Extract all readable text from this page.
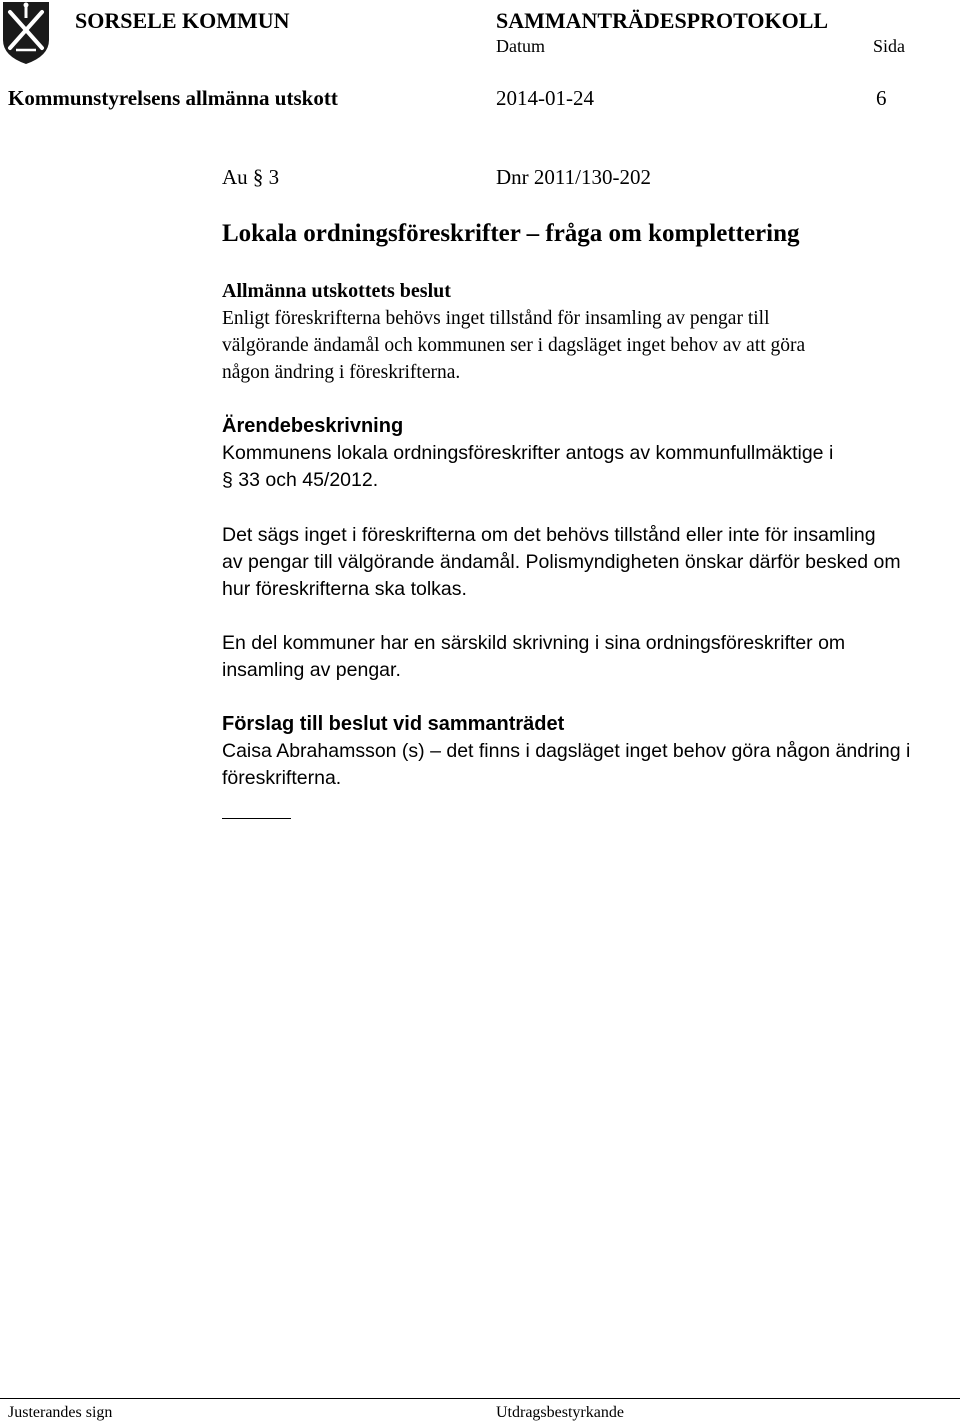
SORSELE KOMMUN	SAMMANTRÄDESPROTOKOLL
Datum	Sida
Kommunstyrelsens allmänna utskott	2014-01-24	6
Au § 3	Dnr 2011/130-202
Lokala ordningsföreskrifter – fråga om komplettering
Allmänna utskottets beslut
Enligt föreskrifterna behövs inget tillstånd för insamling av pengar till
välgörande ändamål och kommunen ser i dagsläget inget behov av att göra
någon ändring i föreskrifterna.
Ärendebeskrivning
Kommunens lokala ordningsföreskrifter antogs av kommunfullmäktige i
§ 33 och 45/2012.
Det sägs inget i föreskrifterna om det behövs tillstånd eller inte för insamling
av pengar till välgörande ändamål. Polismyndigheten önskar därför besked om
hur föreskrifterna ska tolkas.
En del kommuner har en särskild skrivning i sina ordningsföreskrifter om
insamling av pengar.
Förslag till beslut vid sammanträdet
Caisa Abrahamsson (s) – det finns i dagsläget inget behov göra någon ändring i
föreskrifterna.
Justerandes sign	Utdragsbestyrkande
